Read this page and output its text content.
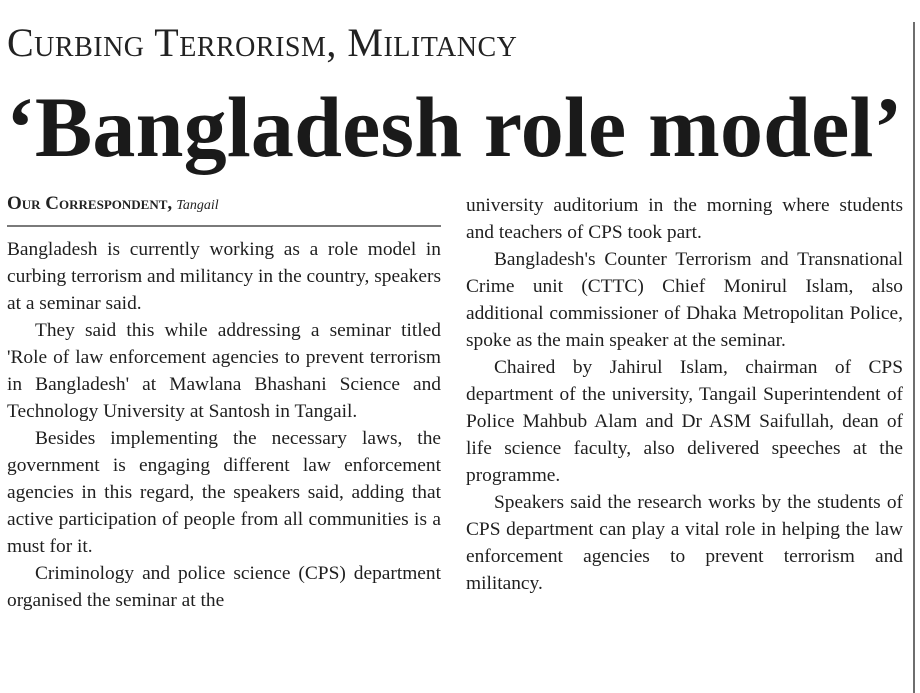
Curbing Terrorism, Militancy
‘Bangladesh role model’
Our Correspondent, Tangail

Bangladesh is currently working as a role model in curbing terrorism and militancy in the country, speakers at a seminar said.

They said this while addressing a seminar titled 'Role of law enforcement agencies to prevent terrorism in Bangladesh' at Mawlana Bhashani Science and Technology University at Santosh in Tangail.

Besides implementing the necessary laws, the government is engaging different law enforcement agencies in this regard, the speakers said, adding that active participation of people from all communities is a must for it.

Criminology and police science (CPS) department organised the seminar at the

university auditorium in the morning where students and teachers of CPS took part.

Bangladesh's Counter Terrorism and Transnational Crime unit (CTTC) Chief Monirul Islam, also additional commissioner of Dhaka Metropolitan Police, spoke as the main speaker at the seminar.

Chaired by Jahirul Islam, chairman of CPS department of the university, Tangail Superintendent of Police Mahbub Alam and Dr ASM Saifullah, dean of life science faculty, also delivered speeches at the programme.

Speakers said the research works by the students of CPS department can play a vital role in helping the law enforcement agencies to prevent terrorism and militancy.
